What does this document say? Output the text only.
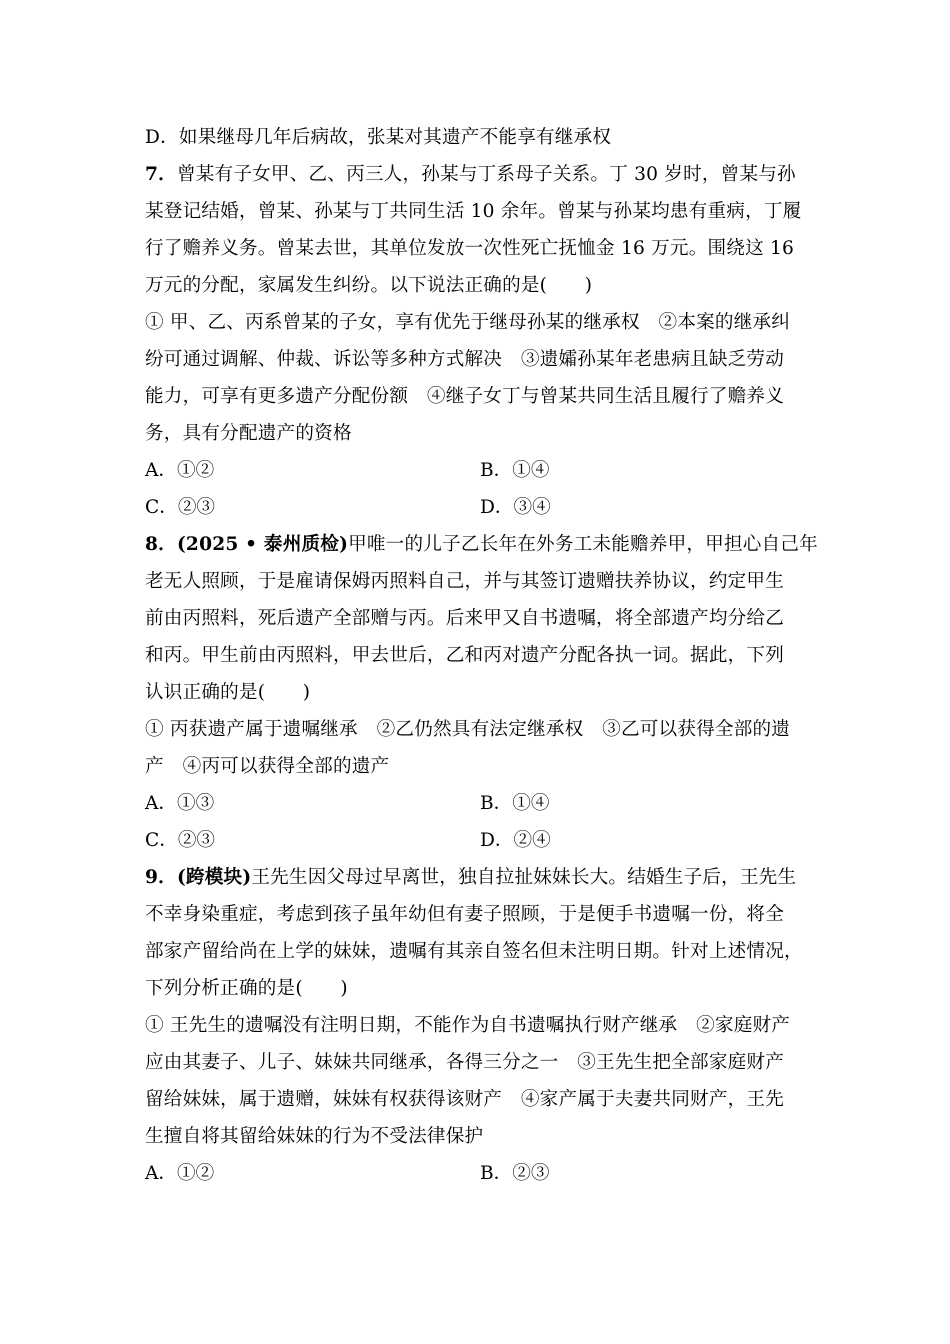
D．如果继母几年后病故，张某对其遗产不能享有继承权
7．曾某有子女甲、乙、丙三人，孙某与丁系母子关系。丁 30 岁时，曾某与孙
某登记结婚，曾某、孙某与丁共同生活 10 余年。曾某与孙某均患有重病，丁履
行了赡养义务。曾某去世，其单位发放一次性死亡抚恤金 16 万元。围绕这 16
万元的分配，家属发生纠纷。以下说法正确的是(　　)
① 甲、乙、丙系曾某的子女，享有优先于继母孙某的继承权　②本案的继承纠
纷可通过调解、仲裁、诉讼等多种方式解决　③遗孀孙某年老患病且缺乏劳动
能力，可享有更多遗产分配份额　④继子女丁与曾某共同生活且履行了赡养义
务，具有分配遗产的资格
A．①②	B．①④
C．②③	D．③④
8．(2025 • 泰州质检)甲唯一的儿子乙长年在外务工未能赡养甲，甲担心自己年
老无人照顾，于是雇请保姆丙照料自己，并与其签订遗赠扶养协议，约定甲生
前由丙照料，死后遗产全部赠与丙。后来甲又自书遗嘱，将全部遗产均分给乙
和丙。甲生前由丙照料，甲去世后，乙和丙对遗产分配各执一词。据此，下列
认识正确的是(　　)
① 丙获遗产属于遗嘱继承　②乙仍然具有法定继承权　③乙可以获得全部的遗
产　④丙可以获得全部的遗产
A．①③	B．①④
C．②③	D．②④
9．(跨模块)王先生因父母过早离世，独自拉扯妹妹长大。结婚生子后，王先生
不幸身染重症，考虑到孩子虽年幼但有妻子照顾，于是便手书遗嘱一份，将全
部家产留给尚在上学的妹妹，遗嘱有其亲自签名但未注明日期。针对上述情况，
下列分析正确的是(　　)
① 王先生的遗嘱没有注明日期，不能作为自书遗嘱执行财产继承　②家庭财产
应由其妻子、儿子、妹妹共同继承，各得三分之一　③王先生把全部家庭财产
留给妹妹，属于遗赠，妹妹有权获得该财产　④家产属于夫妻共同财产，王先
生擅自将其留给妹妹的行为不受法律保护
A．①②	B．②③
